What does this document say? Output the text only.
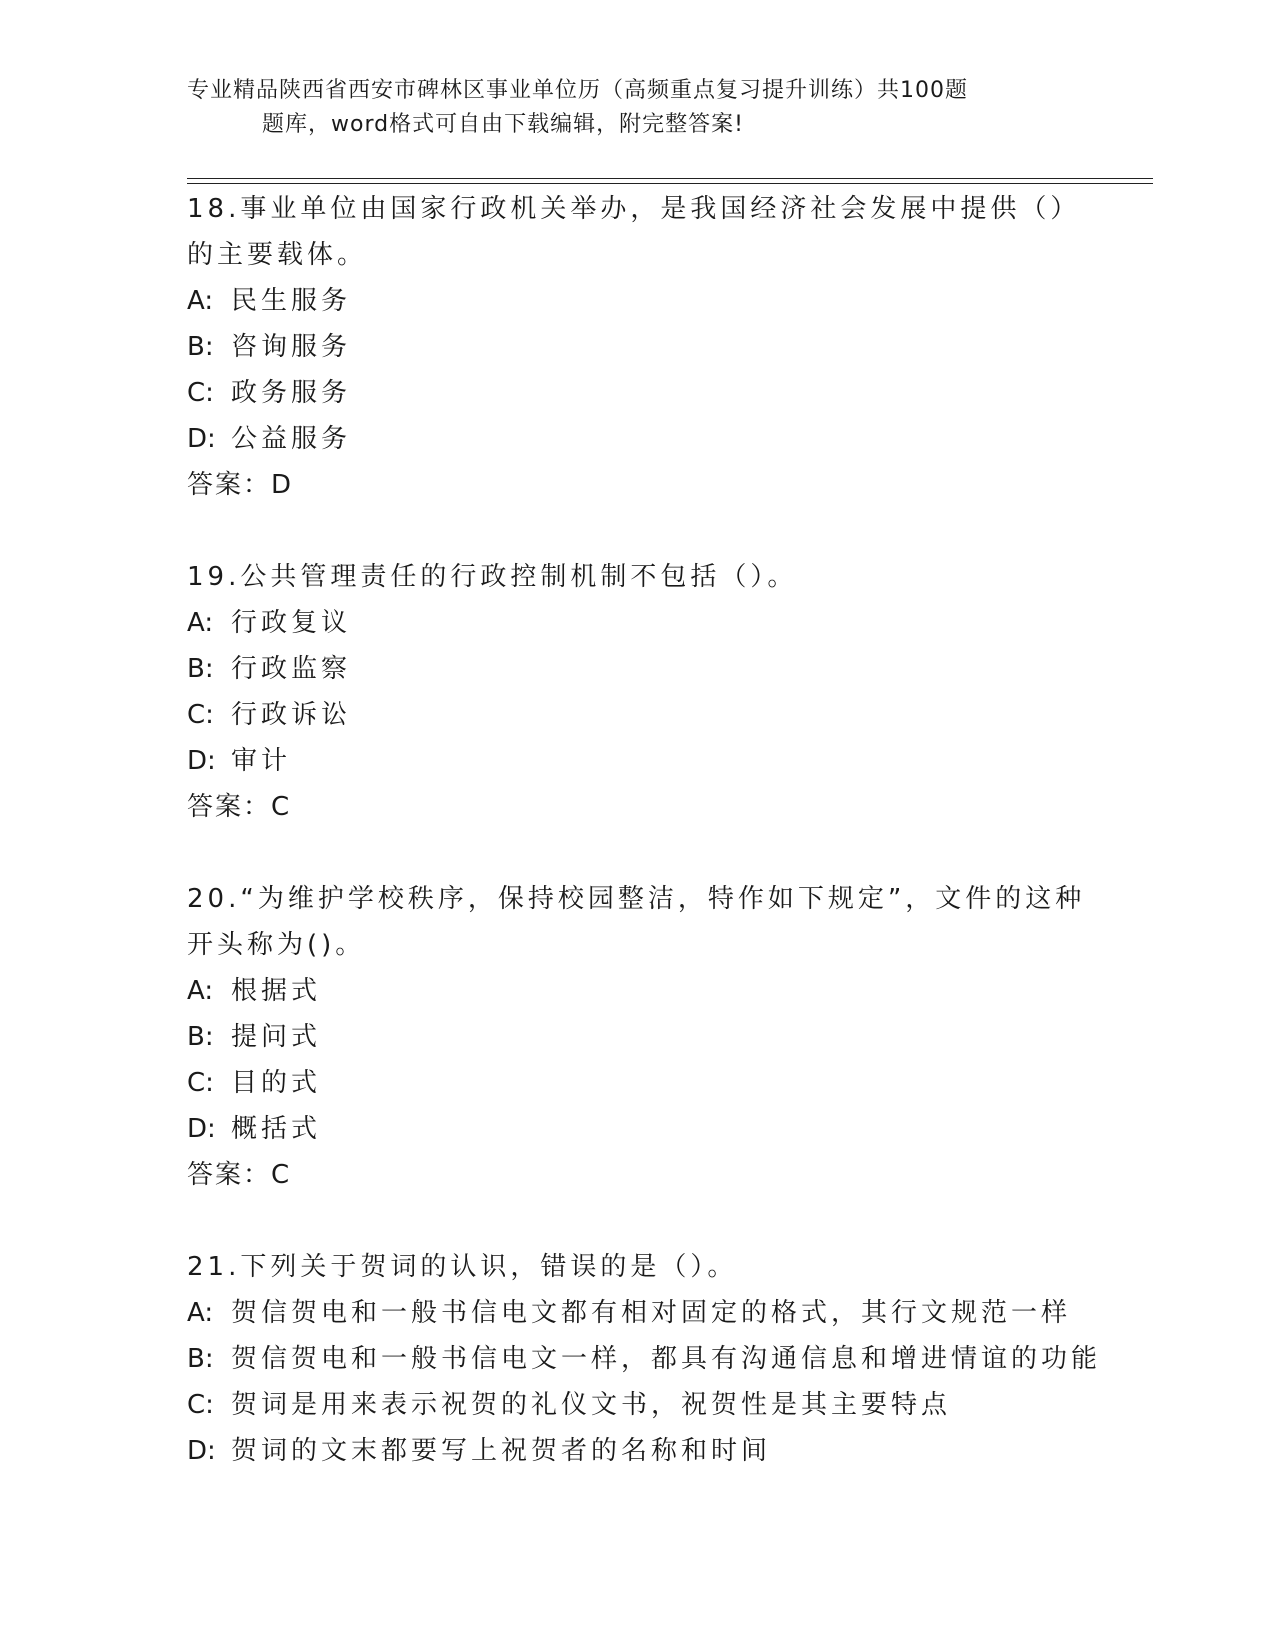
专业精品陕西省西安市碑林区事业单位历（高频重点复习提升训练）共100题
题库，word格式可自由下载编辑，附完整答案!
18.事业单位由国家行政机关举办，是我国经济社会发展中提供（）的主要载体。
A: 民生服务
B: 咨询服务
C: 政务服务
D: 公益服务
答案：D
19.公共管理责任的行政控制机制不包括（）。
A: 行政复议
B: 行政监察
C: 行政诉讼
D: 审计
答案：C
20.“为维护学校秩序，保持校园整洁，特作如下规定”，文件的这种开头称为()。
A: 根据式
B: 提问式
C: 目的式
D: 概括式
答案：C
21.下列关于贺词的认识，错误的是（）。
A: 贺信贺电和一般书信电文都有相对固定的格式，其行文规范一样
B: 贺信贺电和一般书信电文一样，都具有沟通信息和增进情谊的功能
C: 贺词是用来表示祝贺的礼仪文书，祝贺性是其主要特点
D: 贺词的文末都要写上祝贺者的名称和时间
